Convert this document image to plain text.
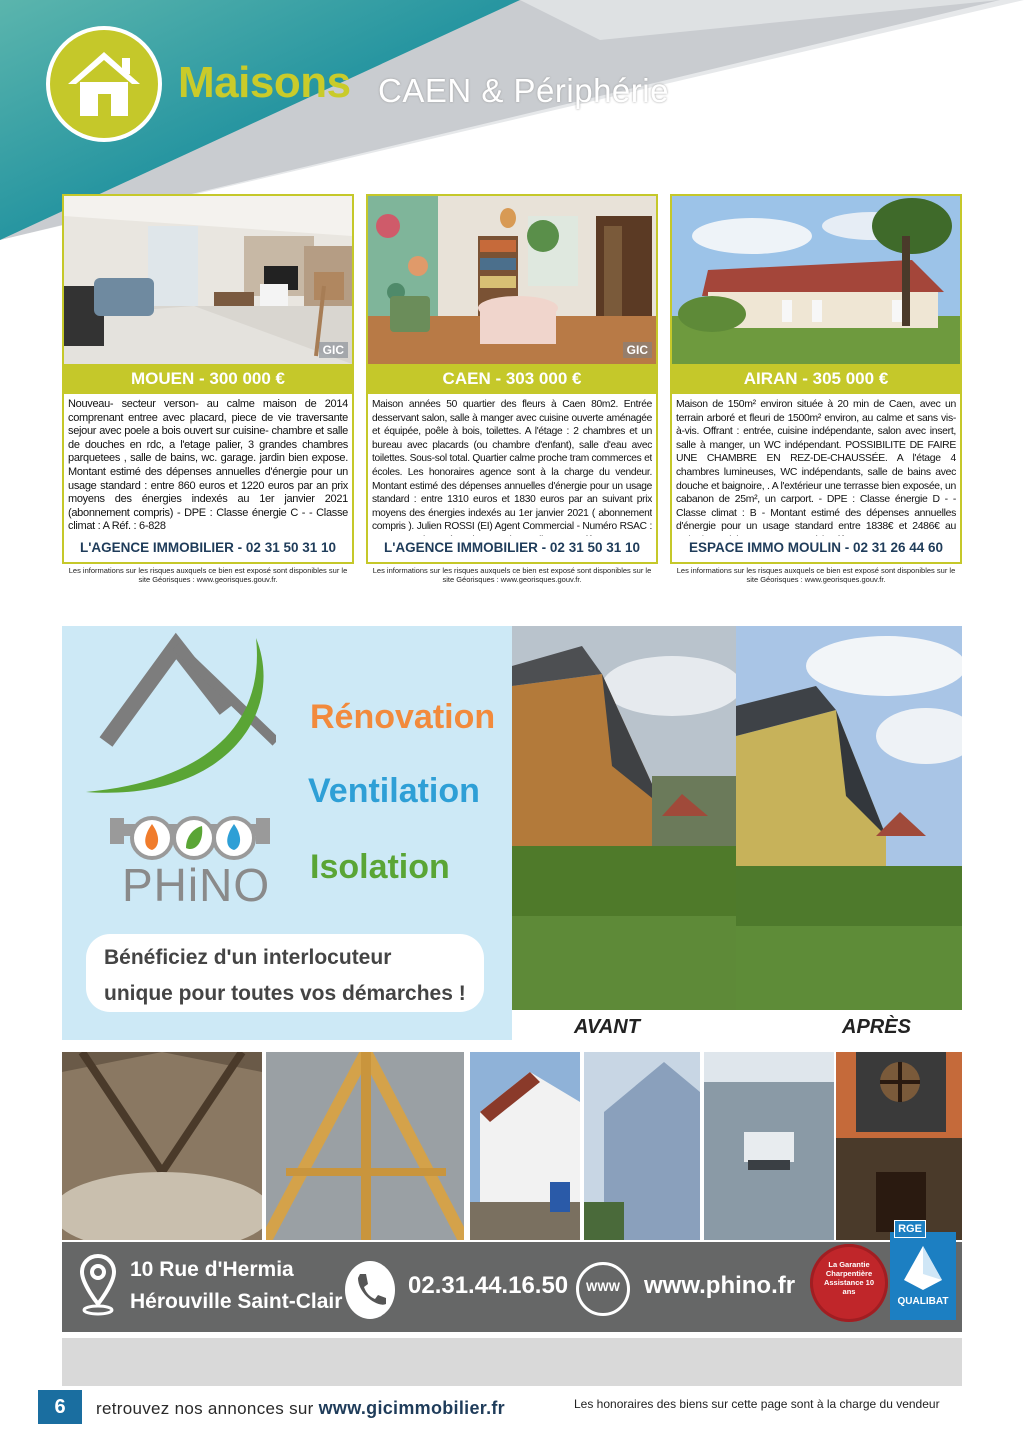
Maisons CAEN & Périphérie
GIC
MOUEN - 300 000 €
Nouveau- secteur verson- au calme maison de 2014 comprenant entree avec placard, piece de vie traversante sejour avec poele a bois ouvert sur cuisine- chambre et salle de douches en rdc, a l'etage palier, 3 grandes chambres parquetees , salle de bains, wc. garage. jardin bien expose. Montant estimé des dépenses annuelles d'énergie pour un usage standard : entre 860 euros et 1220 euros par an prix moyens des énergies indexés au 1er janvier 2021 (abonnement compris) - DPE : Classe énergie C - - Classe climat : A Réf. : 6-828
L'AGENCE IMMOBILIER - 02 31 50 31 10
Les informations sur les risques auxquels ce bien est exposé sont disponibles sur le site Géorisques : www.georisques.gouv.fr.
GIC
CAEN - 303 000 €
Maison années 50 quartier des fleurs à Caen 80m2. Entrée desservant salon, salle à manger avec cuisine ouverte aménagée et équipée, poêle à bois, toilettes. A l'étage : 2 chambres et un bureau avec placards (ou chambre d'enfant), salle d'eau avec toilettes. Sous-sol total. Quartier calme proche tram commerces et écoles. Les honoraires agence sont à la charge du vendeur. Montant estimé des dépenses annuelles d'énergie pour un usage standard : entre 1310 euros et 1830 euros par an suivant prix moyens des énergies indexés au 1er janvier 2021 ( abonnement compris ). Julien ROSSI (EI) Agent Commercial - Numéro RSAC :
L'AGENCE IMMOBILIER - 02 31 50 31 10
Les informations sur les risques auxquels ce bien est exposé sont disponibles sur le site Géorisques : www.georisques.gouv.fr.
AIRAN - 305 000 €
Maison de 150m² environ située à 20 min de Caen, avec un terrain arboré et fleuri de 1500m² environ, au calme et sans vis-à-vis. Offrant : entrée, cuisine indépendante, salon avec insert, salle à manger, un WC indépendant. POSSIBILITE DE FAIRE UNE CHAMBRE EN REZ-DE-CHAUSSÉE. A l'étage 4 chambres lumineuses, WC indépendants, salle de bains avec douche et baignoire, . A l'extérieur une terrasse bien exposée, un cabanon de 25m², un carport. - DPE : Classe énergie D - - Classe climat : B - Montant estimé des dépenses annuelles d'énergie pour un usage standard entre 1838€ et 2486€ au
ESPACE IMMO MOULIN - 02 31 26 44 60
Les informations sur les risques auxquels ce bien est exposé sont disponibles sur le site Géorisques : www.georisques.gouv.fr.
PHiNO
Rénovation
Ventilation
Isolation
Bénéficiez d'un interlocuteur
unique pour toutes vos démarches !
AVANT	APRÈS
10 Rue d'Hermia
Hérouville Saint-Clair
02.31.44.16.50	WWW www.phino.fr
La Garantie Charpentière Assistance 10 ans
RGE
QUALIBAT
6	retrouvez nos annonces sur www.gicimmobilier.fr	Les honoraires des biens sur cette page sont à la charge du vendeur
